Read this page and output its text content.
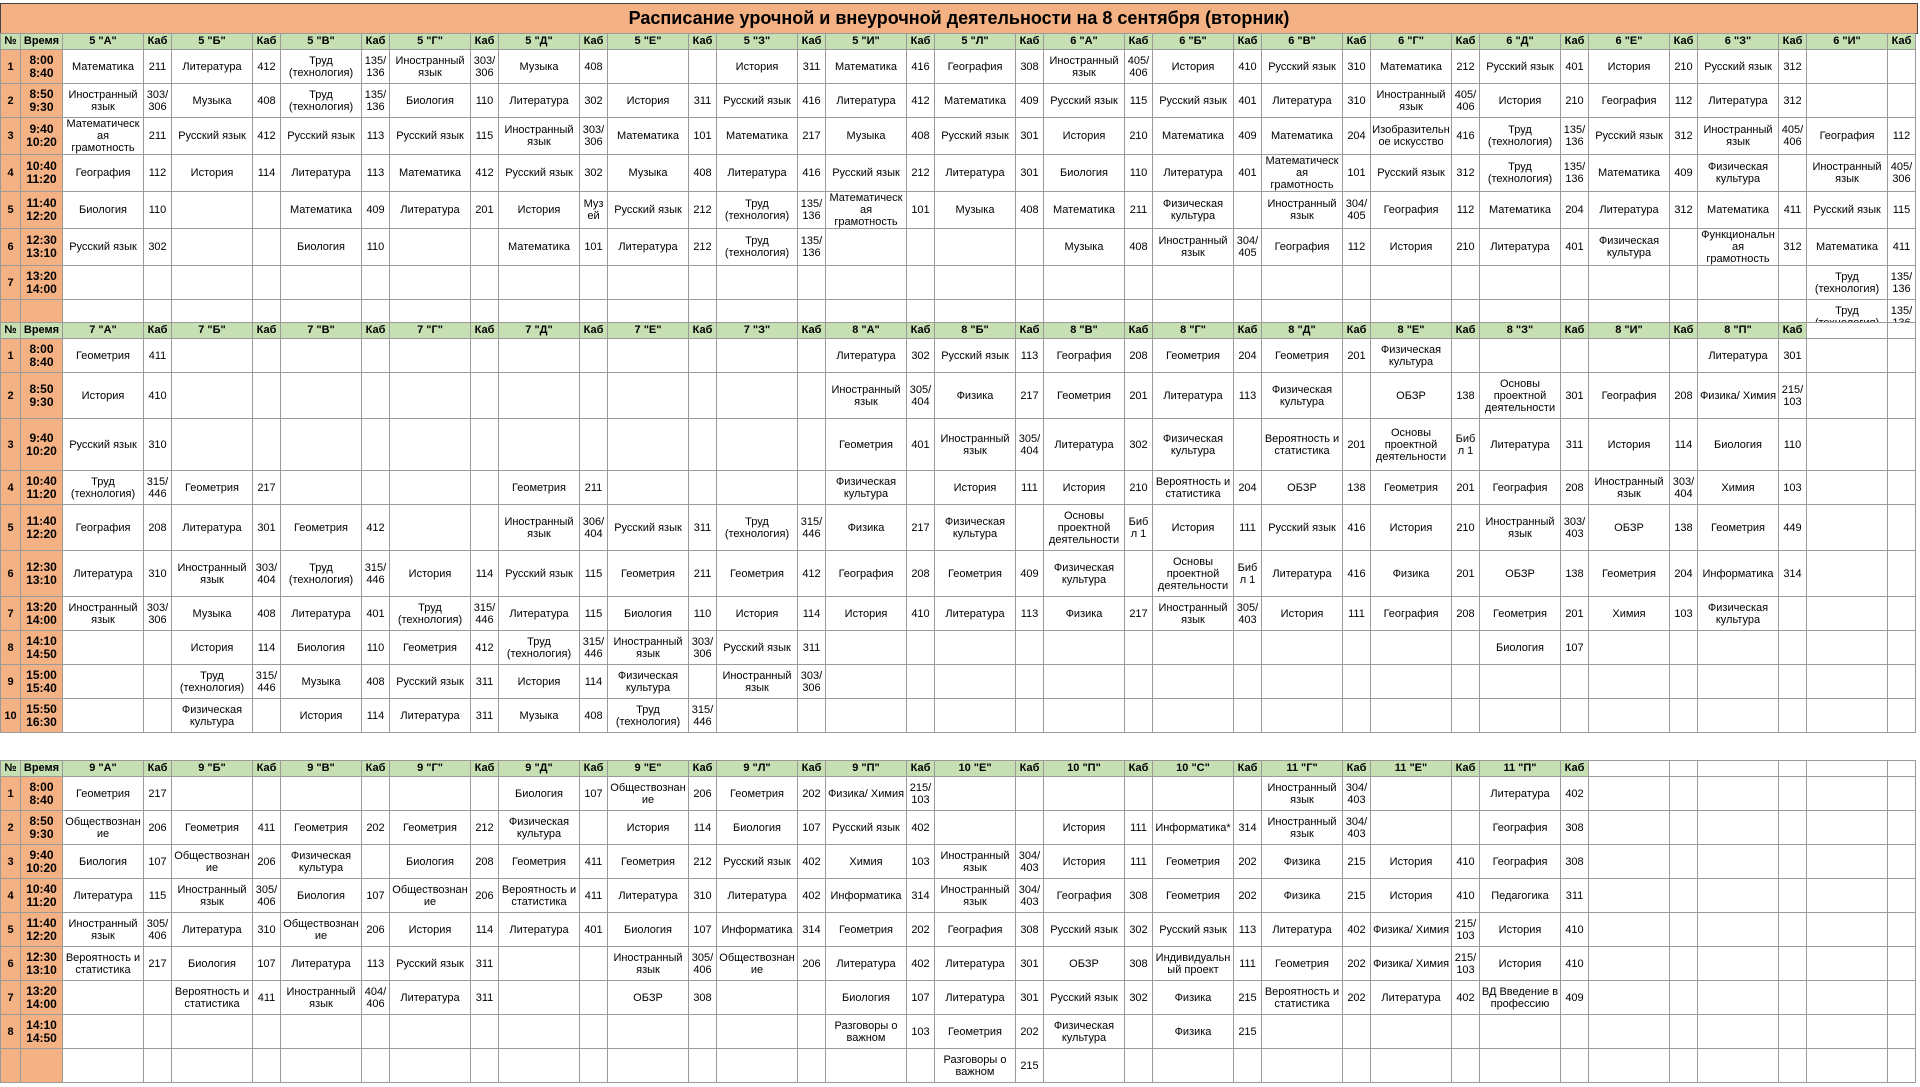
Расписание урочной и внеурочной деятельности на 8 сентября (вторник)
№	Время	5 "А"	Каб	5 "Б"	Каб	5 "В"	Каб	5 "Г"	Каб	5 "Д"	Каб	5 "Е"	Каб	5 "З"	Каб	5 "И"	Каб	5 "Л"	Каб	6 "А"	Каб	6 "Б"	Каб	6 "В"	Каб	6 "Г"	Каб	6 "Д"	Каб	6 "Е"	Каб	6 "З"	Каб	6 "И"	Каб
1	8:00 8:40	Математика	211	Литература	412	Труд (технология)	135/ 136	Иностранный язык	303/ 306	Музыка	408			История	311	Математика	416	География	308	Иностранный язык	405/ 406	История	410	Русский язык	310	Математика	212	Русский язык	401	История	210	Русский язык	312		
2	8:50 9:30	Иностранный язык	303/ 306	Музыка	408	Труд (технология)	135/ 136	Биология	110	Литература	302	История	311	Русский язык	416	Литература	412	Математика	409	Русский язык	115	Русский язык	401	Литература	310	Иностранный язык	405/ 406	История	210	География	112	Литература	312		
3	9:40 10:20	Математическая грамотность	211	Русский язык	412	Русский язык	113	Русский язык	115	Иностранный язык	303/ 306	Математика	101	Математика	217	Музыка	408	Русский язык	301	История	210	Математика	409	Математика	204	Изобразительное искусство	416	Труд (технология)	135/ 136	Русский язык	312	Иностранный язык	405/ 406	География	112
4	10:40 11:20	География	112	История	114	Литература	113	Математика	412	Русский язык	302	Музыка	408	Литература	416	Русский язык	212	Литература	301	Биология	110	Литература	401	Математическая грамотность	101	Русский язык	312	Труд (технология)	135/ 136	Математика	409	Физическая культура		Иностранный язык	405/ 306
5	11:40 12:20	Биология	110			Математика	409	Литература	201	История	Музей	Русский язык	212	Труд (технология)	135/ 136	Математическая грамотность	101	Музыка	408	Математика	211	Физическая культура		Иностранный язык	304/ 405	География	112	Математика	204	Литература	312	Математика	411	Русский язык	115
6	12:30 13:10	Русский язык	302			Биология	110			Математика	101	Литература	212	Труд (технология)	135/ 136					Музыка	408	Иностранный язык	304/ 405	География	112	История	210	Литература	401	Физическая культура		Функциональная грамотность	312	Математика	411
7	13:20 14:00																																	Труд (технология)	135/ 136
																																		Труд	135/
№	Время	7 "А"	Каб	7 "Б"	Каб	7 "В"	Каб	7 "Г"	Каб	7 "Д"	Каб	7 "Е"	Каб	7 "З"	Каб	8 "А"	Каб	8 "Б"	Каб	8 "В"	Каб	8 "Г"	Каб	8 "Д"	Каб	8 "Е"	Каб	8 "З"	Каб	8 "И"	Каб	8 "П"	Каб		
1	8:00 8:40	Геометрия	411													Литература	302	Русский язык	113	География	208	Геометрия	204	Геометрия	201	Физическая культура						Литература	301		
2	8:50 9:30	История	410													Иностранный язык	305/ 404	Физика	217	Геометрия	201	Литература	113	Физическая культура		ОБЗР	138	Основы проектной деятельности	301	География	208	Физика/ Химия	215/ 103		
3	9:40 10:20	Русский язык	310													Геометрия	401	Иностранный язык	305/ 404	Литература	302	Физическая культура		Вероятность и статистика	201	Основы проектной деятельности	Библ 1	Литература	311	История	114	Биология	110		
4	10:40 11:20	Труд (технология)	315/ 446	Геометрия	217					Геометрия	211					Физическая культура		История	111	История	210	Вероятность и статистика	204	ОБЗР	138	Геометрия	201	География	208	Иностранный язык	303/ 404	Химия	103		
5	11:40 12:20	География	208	Литература	301	Геометрия	412			Иностранный язык	306/ 404	Русский язык	311	Труд (технология)	315/ 446	Физика	217	Физическая культура		Основы проектной деятельности	Библ 1	История	111	Русский язык	416	История	210	Иностранный язык	303/ 403	ОБЗР	138	Геометрия	449		
6	12:30 13:10	Литература	310	Иностранный язык	303/ 404	Труд (технология)	315/ 446	История	114	Русский язык	115	Геометрия	211	Геометрия	412	География	208	Геометрия	409	Физическая культура		Основы проектной деятельности	Библ 1	Литература	416	Физика	201	ОБЗР	138	Геометрия	204	Информатика	314		
7	13:20 14:00	Иностранный язык	303/ 306	Музыка	408	Литература	401	Труд (технология)	315/ 446	Литература	115	Биология	110	История	114	История	410	Литература	113	Физика	217	Иностранный язык	305/ 403	История	111	География	208	Геометрия	201	Химия	103	Физическая культура			
8	14:10 14:50			История	114	Биология	110	Геометрия	412	Труд (технология)	315/ 446	Иностранный язык	303/ 306	Русский язык	311													Биология	107						
9	15:00 15:40			Труд (технология)	315/ 446	Музыка	408	Русский язык	311	История	114	Физическая культура		Иностранный язык	303/ 306																				
10	15:50 16:30			Физическая культура		История	114	Литература	311	Музыка	408	Труд (технология)	315/ 446																						
№	Время	9 "А"	Каб	9 "Б"	Каб	9 "В"	Каб	9 "Г"	Каб	9 "Д"	Каб	9 "Е"	Каб	9 "Л"	Каб	9 "П"	Каб	10 "Е"	Каб	10 "П"	Каб	10 "С"	Каб	11 "Г"	Каб	11 "Е"	Каб	11 "П"	Каб						
1	8:00 8:40	Геометрия	217							Биология	107	Обществознание	206	Геометрия	202	Физика/ Химия	215/ 103							Иностранный язык	304/ 403			Литература	402						
2	8:50 9:30	Обществознание	206	Геометрия	411	Геометрия	202	Геометрия	212	Физическая культура		История	114	Биология	107	Русский язык	402			История	111	Информатика*	314	Иностранный язык	304/ 403			География	308						
3	9:40 10:20	Биология	107	Обществознание	206	Физическая культура		Биология	208	Геометрия	411	Геометрия	212	Русский язык	402	Химия	103	Иностранный язык	304/ 403	История	111	Геометрия	202	Физика	215	История	410	География	308						
4	10:40 11:20	Литература	115	Иностранный язык	305/ 406	Биология	107	Обществознание	206	Вероятность и статистика	411	Литература	310	Литература	402	Информатика	314	Иностранный язык	304/ 403	География	308	Геометрия	202	Физика	215	История	410	Педагогика	311						
5	11:40 12:20	Иностранный язык	305/ 406	Литература	310	Обществознание	206	История	114	Литература	401	Биология	107	Информатика	314	Геометрия	202	География	308	Русский язык	302	Русский язык	113	Литература	402	Физика/ Химия	215/ 103	История	410						
6	12:30 13:10	Вероятность и статистика	217	Биология	107	Литература	113	Русский язык	311			Иностранный язык	305/ 406	Обществознание	206	Литература	402	Литература	301	ОБЗР	308	Индивидуальный проект	111	Геометрия	202	Физика/ Химия	215/ 103	История	410						
7	13:20 14:00			Вероятность и статистика	411	Иностранный язык	404/ 406	Литература	311			ОБЗР	308			Биология	107	Литература	301	Русский язык	302	Физика	215	Вероятность и статистика	202	Литература	402	ВД Введение в профессию	409						
8	14:10 14:50															Разговоры о важном	103	Геометрия	202	Физическая культура		Физика	215												
																		Разговоры о важном	215																
